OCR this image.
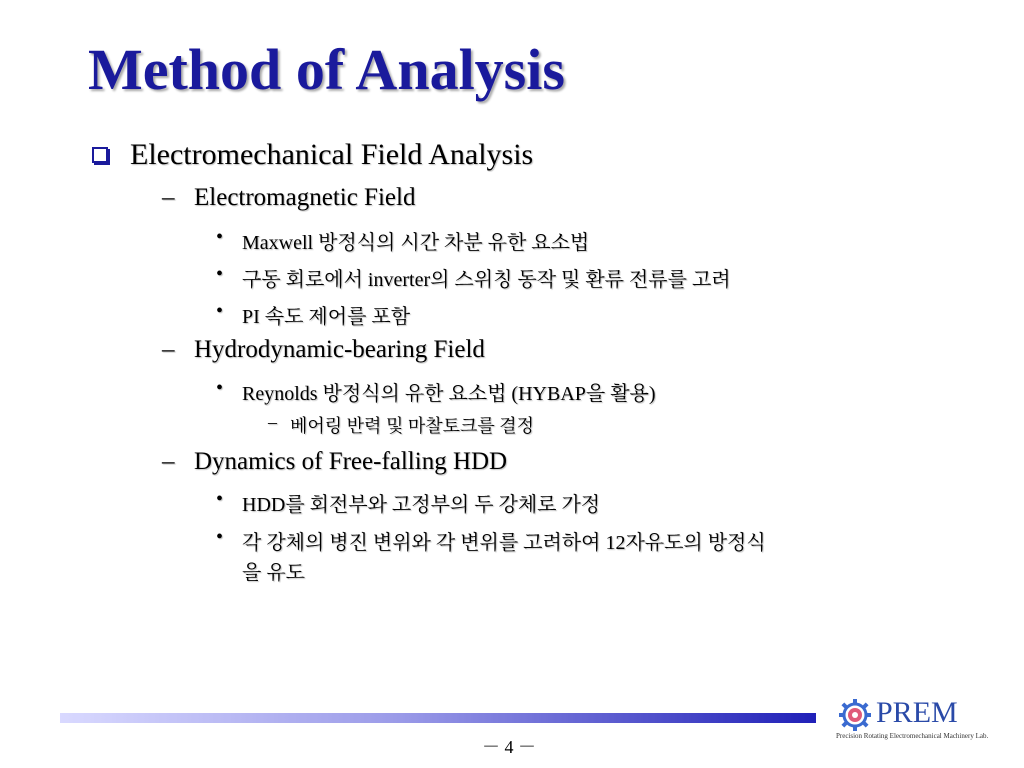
Method of Analysis
Electromechanical Field Analysis
– Electromagnetic Field
• Maxwell 방정식의 시간 차분 유한 요소법
• 구동 회로에서 inverter의 스위칭 동작 및 환류 전류를 고려
• PI 속도 제어를 포함
– Hydrodynamic-bearing Field
• Reynolds 방정식의 유한 요소법 (HYBAP을 활용)
– 베어링 반력 및 마찰토크를 결정
– Dynamics of Free-falling HDD
• HDD를 회전부와 고정부의 두 강체로 가정
• 각 강체의 병진 변위와 각 변위를 고려하여 12자유도의 방정식
을 유도
PREM
Precision Rotating Electromechanical Machinery Lab.
－ 4 －
